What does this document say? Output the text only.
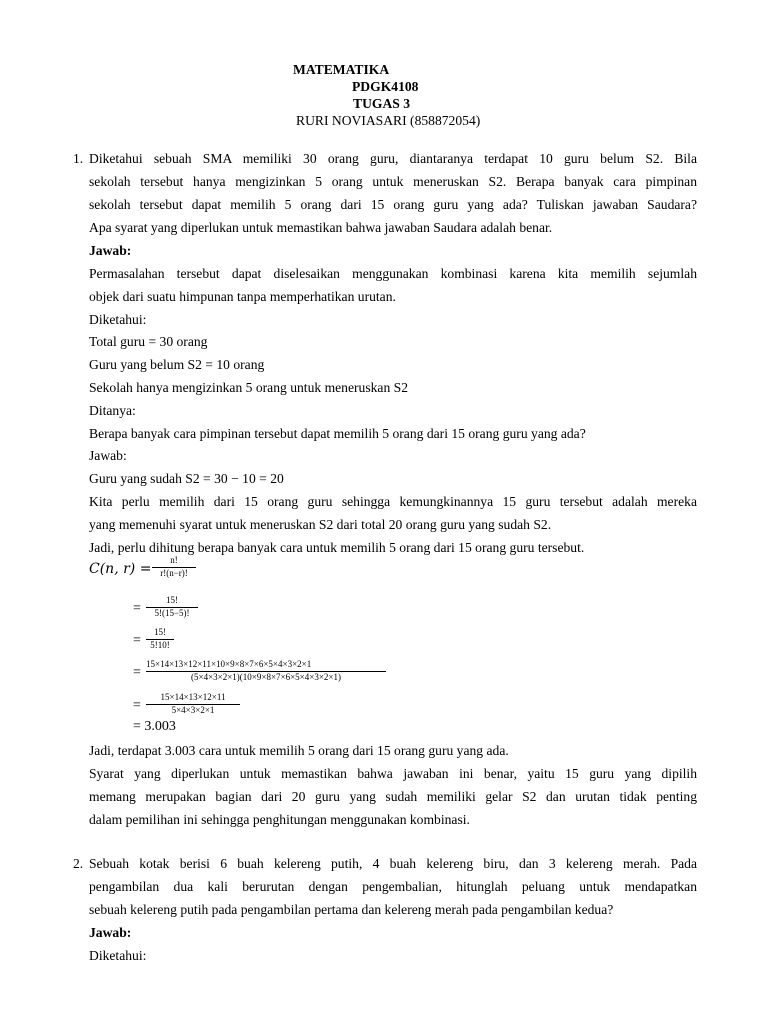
MATEMATIKA
PDGK4108
TUGAS 3
RURI NOVIASARI (858872054)
1. Diketahui sebuah SMA memiliki 30 orang guru, diantaranya terdapat 10 guru belum S2. Bila
sekolah tersebut hanya mengizinkan 5 orang untuk meneruskan S2. Berapa banyak cara pimpinan
sekolah tersebut dapat memilih 5 orang dari 15 orang guru yang ada? Tuliskan jawaban Saudara?
Apa syarat yang diperlukan untuk memastikan bahwa jawaban Saudara adalah benar.
Jawab:
Permasalahan tersebut dapat diselesaikan menggunakan kombinasi karena kita memilih sejumlah
objek dari suatu himpunan tanpa memperhatikan urutan.
Diketahui:
Total guru = 30 orang
Guru yang belum S2 = 10 orang
Sekolah hanya mengizinkan 5 orang untuk meneruskan S2
Ditanya:
Berapa banyak cara pimpinan tersebut dapat memilih 5 orang dari 15 orang guru yang ada?
Jawab:
Guru yang sudah S2 = 30 − 10 = 20
Kita perlu memilih dari 15 orang guru sehingga kemungkinannya 15 guru tersebut adalah mereka
yang memenuhi syarat untuk meneruskan S2 dari total 20 orang guru yang sudah S2.
Jadi, perlu dihitung berapa banyak cara untuk memilih 5 orang dari 15 orang guru tersebut.
C(n, r) =
n!
r!(n−r)!
=
15!
5!(15−5)!
=
15!
5!10!
=
15×14×13×12×11×10×9×8×7×6×5×4×3×2×1
(5×4×3×2×1)(10×9×8×7×6×5×4×3×2×1)
=
15×14×13×12×11
5×4×3×2×1
= 3.003
Jadi, terdapat 3.003 cara untuk memilih 5 orang dari 15 orang guru yang ada.
Syarat yang diperlukan untuk memastikan bahwa jawaban ini benar, yaitu 15 guru yang dipilih
memang merupakan bagian dari 20 guru yang sudah memiliki gelar S2 dan urutan tidak penting
dalam pemilihan ini sehingga penghitungan menggunakan kombinasi.
2. Sebuah kotak berisi 6 buah kelereng putih, 4 buah kelereng biru, dan 3 kelereng merah. Pada
pengambilan dua kali berurutan dengan pengembalian, hitunglah peluang untuk mendapatkan
sebuah kelereng putih pada pengambilan pertama dan kelereng merah pada pengambilan kedua?
Jawab:
Diketahui:
